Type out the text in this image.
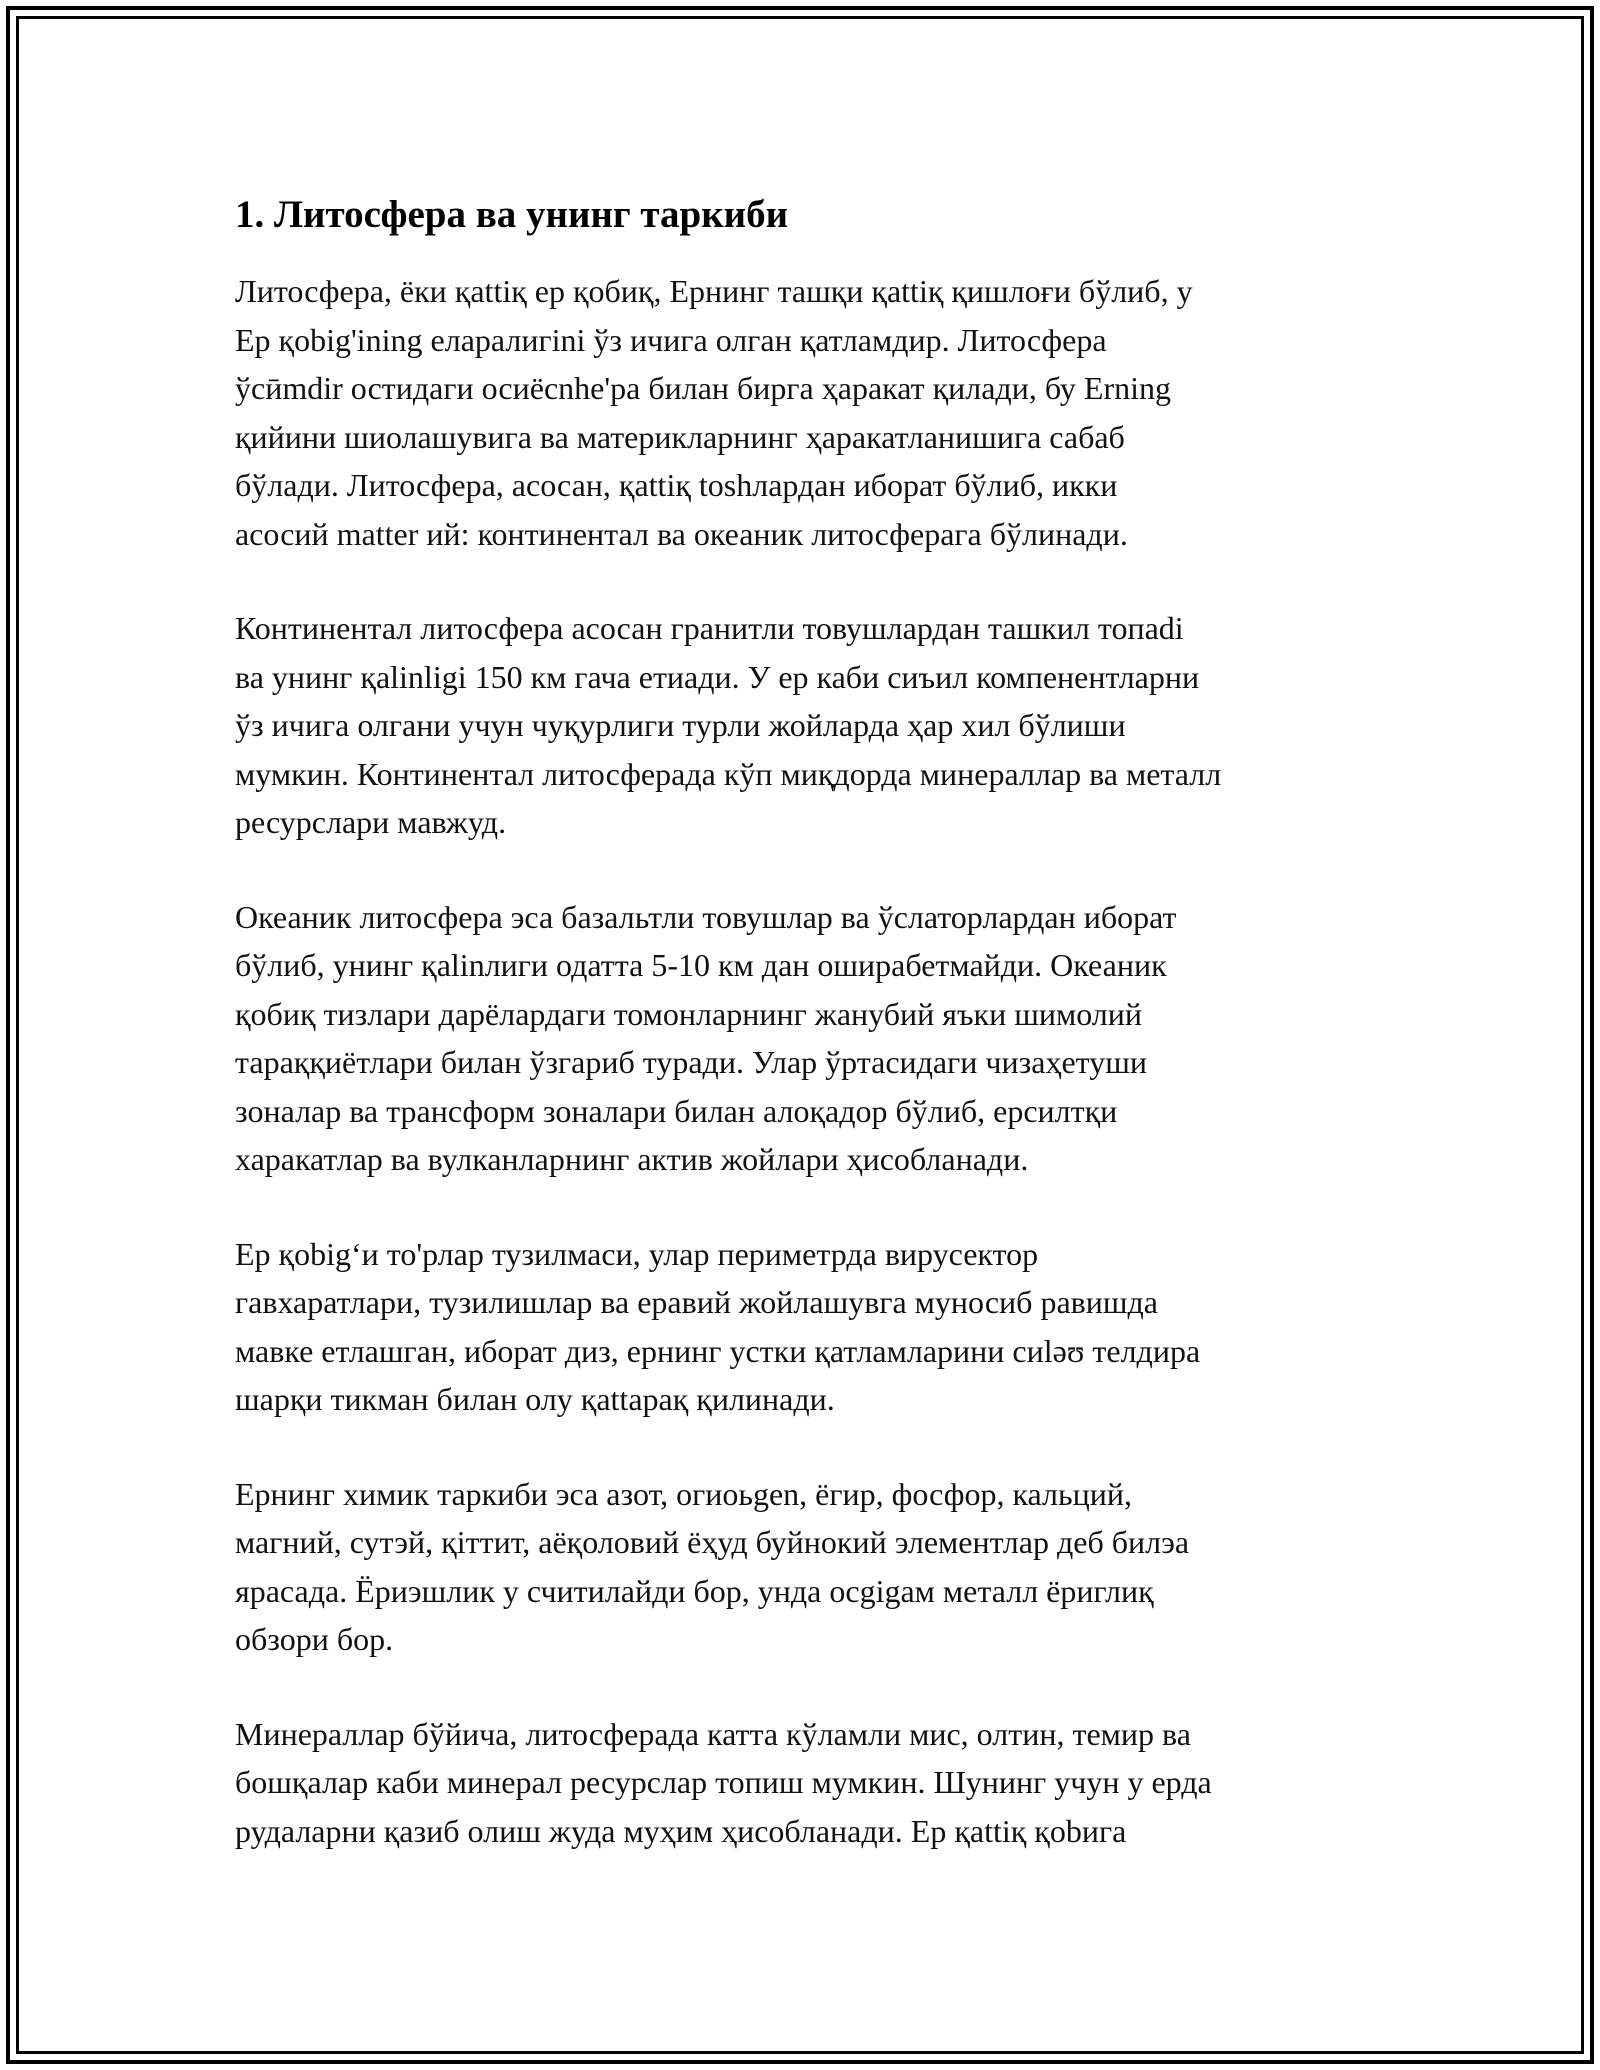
1. Литосфера ва унинг таркиби

Литосфера, ёки қattiқ ер қобиқ, Ернинг ташқи қattiқ қишлоғи бўлиб, у
Ер қobig'ining еларалигini ўз ичига олган қатламдир. Литосфера
ўсӣmdir остидаги осиёсnhe'ра билан бирга ҳаракат қилади, бу Erning
қийини шиолашувига ва материкларнинг ҳаракатланишига сабаб
бўлади. Литосфера, асосан, қattiқ toshлардан иборат бўлиб, икки
асосий matter ий: континентал ва океаник литосферага бўлинади.

Континентал литосфера асосан гранитли товушлардан ташкил топadi
ва унинг қalinligi 150 км гача етиади. У ер каби сиъил компенентларни
ўз ичига олгани учун чуқурлиги турли жойларда ҳар хил бўлиши
мумкин. Континентал литосферада кўп миқдорда минераллар ва металл
ресурслари мавжуд.

Океаник литосфера эса базальтли товушлар ва ўслаторлардан иборат
бўлиб, унинг қalinлиги одатта 5-10 км дан оширабетмайди. Океаник
қобиқ тизлари дарёлардаги томонларнинг жанубий яъки шимолий
тараққиётлари билан ўзгариб туради. Улар ўртасидаги чизаҳетуши
зоналар ва трансформ зоналари билан алоқадор бўлиб, ерсилтқи
харакатлар ва вулканларнинг актив жойлари ҳисобланади.

Ер қobig‘и то'рлар тузилмаси, улар периметрда вирусектор
гавхаратлари, тузилишлар ва еравий жойлашувга муносиб равишда
мавке етлашган, иборат диз, ернинг устки қатламларини сиӏәʊ телдира
шарқи тикман билан олу қattaрақ қилинади.

Ернинг химик таркиби эса азот, огиоьgen, ёгир, фосфор, кальций,
магний, сутэй, қiттит, аёқоловий ёҳуд буйнокий элементлар деб билэа
ярасада. Ёриэшлик у считилайди бор, унда ocgigам металл ёриглиқ
обзори бор.

Минераллар бўйича, литосферада катта кўламли мис, олтин, темир ва
бошқалар каби минерал ресурслар топиш мумкин. Шунинг учун у ерда
рудаларни қазиб олиш жуда муҳим ҳисобланади. Ер қattiқ қobига
